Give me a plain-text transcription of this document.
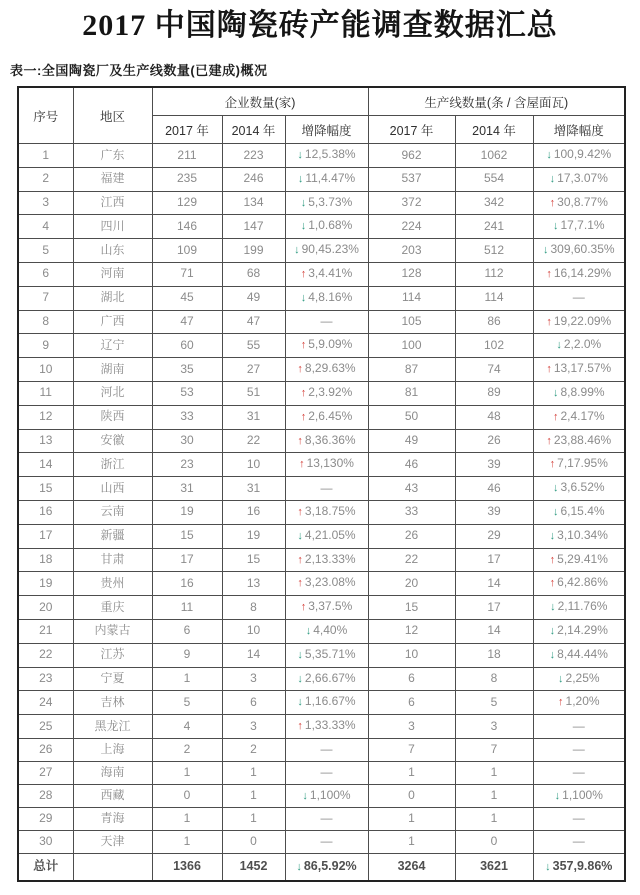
2017 中国陶瓷砖产能调查数据汇总
表一:全国陶瓷厂及生产线数量(已建成)概况
序号	地区	企业数量(家)			生产线数量(条 / 含屋面瓦)		
		2017 年	2014 年	增降幅度	2017 年	2014 年	增降幅度
1	广东	211	223	↓ 12,5.38%	962	1062	↓ 100,9.42%
2	福建	235	246	↓ 11,4.47%	537	554	↓ 17,3.07%
3	江西	129	134	↓ 5,3.73%	372	342	↑ 30,8.77%
4	四川	146	147	↓ 1,0.68%	224	241	↓ 17,7.1%
5	山东	109	199	↓ 90,45.23%	203	512	↓ 309,60.35%
6	河南	71	68	↑ 3,4.41%	128	112	↑ 16,14.29%
7	湖北	45	49	↓ 4,8.16%	114	114	—
8	广西	47	47	—	105	86	↑ 19,22.09%
9	辽宁	60	55	↑ 5,9.09%	100	102	↓ 2,2.0%
10	湖南	35	27	↑ 8,29.63%	87	74	↑ 13,17.57%
11	河北	53	51	↑ 2,3.92%	81	89	↓ 8,8.99%
12	陕西	33	31	↑ 2,6.45%	50	48	↑ 2,4.17%
13	安徽	30	22	↑ 8,36.36%	49	26	↑ 23,88.46%
14	浙江	23	10	↑ 13,130%	46	39	↑ 7,17.95%
15	山西	31	31	—	43	46	↓ 3,6.52%
16	云南	19	16	↑ 3,18.75%	33	39	↓ 6,15.4%
17	新疆	15	19	↓ 4,21.05%	26	29	↓ 3,10.34%
18	甘肃	17	15	↑ 2,13.33%	22	17	↑ 5,29.41%
19	贵州	16	13	↑ 3,23.08%	20	14	↑ 6,42.86%
20	重庆	11	8	↑ 3,37.5%	15	17	↓ 2,11.76%
21	内蒙古	6	10	↓ 4,40%	12	14	↓ 2,14.29%
22	江苏	9	14	↓ 5,35.71%	10	18	↓ 8,44.44%
23	宁夏	1	3	↓ 2,66.67%	6	8	↓ 2,25%
24	吉林	5	6	↓ 1,16.67%	6	5	↑ 1,20%
25	黑龙江	4	3	↑ 1,33.33%	3	3	—
26	上海	2	2	—	7	7	—
27	海南	1	1	—	1	1	—
28	西藏	0	1	↓ 1,100%	0	1	↓ 1,100%
29	青海	1	1	—	1	1	—
30	天津	1	0	—	1	0	—
总计		1366	1452	↓ 86,5.92%	3264	3621	↓ 357,9.86%
